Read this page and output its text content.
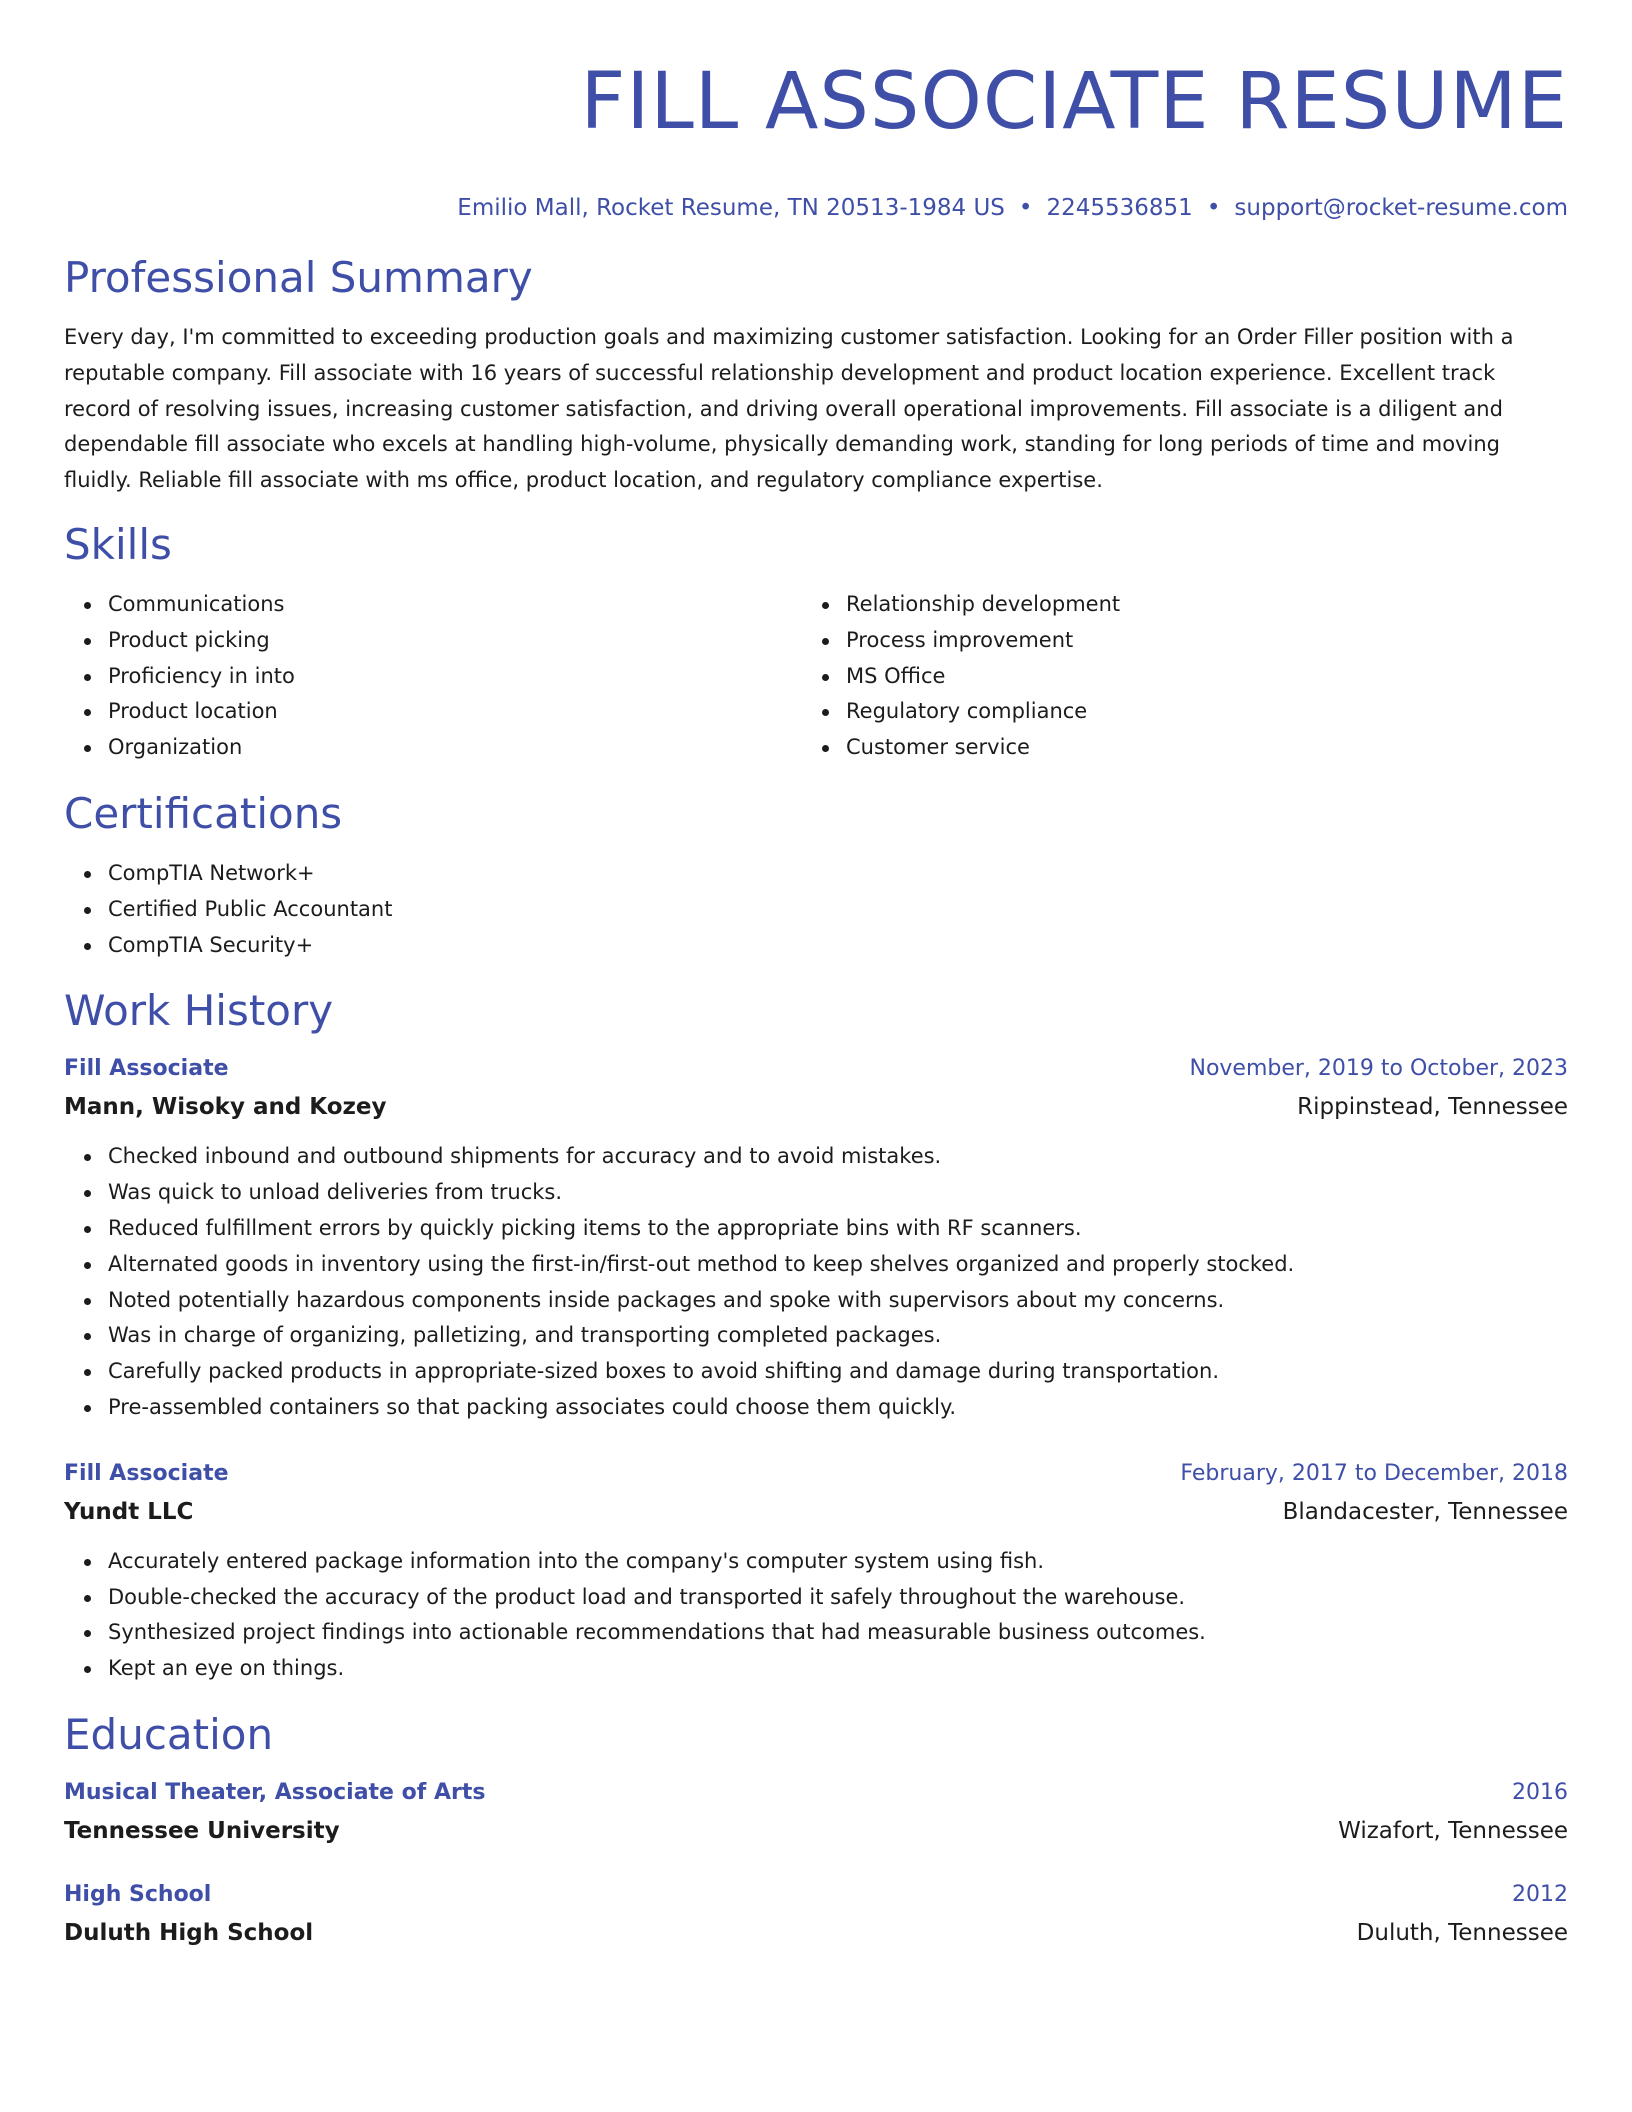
FILL ASSOCIATE RESUME
Emilio Mall, Rocket Resume, TN 20513-1984 US • 2245536851 • support@rocket-resume.com
Professional Summary

Every day, I'm committed to exceeding production goals and maximizing customer satisfaction. Looking for an Order Filler position with a reputable company. Fill associate with 16 years of successful relationship development and product location experience. Excellent track record of resolving issues, increasing customer satisfaction, and driving overall operational improvements. Fill associate is a diligent and dependable fill associate who excels at handling high-volume, physically demanding work, standing for long periods of time and moving fluidly. Reliable fill associate with ms office, product location, and regulatory compliance expertise.

Skills
Communications
Product picking
Proficiency in into
Product location
Organization
Relationship development
Process improvement
MS Office
Regulatory compliance
Customer service
Certifications
CompTIA Network+
Certified Public Accountant
CompTIA Security+
Work History
Fill Associate	November, 2019 to October, 2023
Mann, Wisoky and Kozey	Rippinstead, Tennessee
Checked inbound and outbound shipments for accuracy and to avoid mistakes.
Was quick to unload deliveries from trucks.
Reduced fulfillment errors by quickly picking items to the appropriate bins with RF scanners.
Alternated goods in inventory using the first-in/first-out method to keep shelves organized and properly stocked.
Noted potentially hazardous components inside packages and spoke with supervisors about my concerns.
Was in charge of organizing, palletizing, and transporting completed packages.
Carefully packed products in appropriate-sized boxes to avoid shifting and damage during transportation.
Pre-assembled containers so that packing associates could choose them quickly.
Fill Associate	February, 2017 to December, 2018
Yundt LLC	Blandacester, Tennessee
Accurately entered package information into the company's computer system using fish.
Double-checked the accuracy of the product load and transported it safely throughout the warehouse.
Synthesized project findings into actionable recommendations that had measurable business outcomes.
Kept an eye on things.
Education
Musical Theater, Associate of Arts	2016
Tennessee University	Wizafort, Tennessee
High School	2012
Duluth High School	Duluth, Tennessee
